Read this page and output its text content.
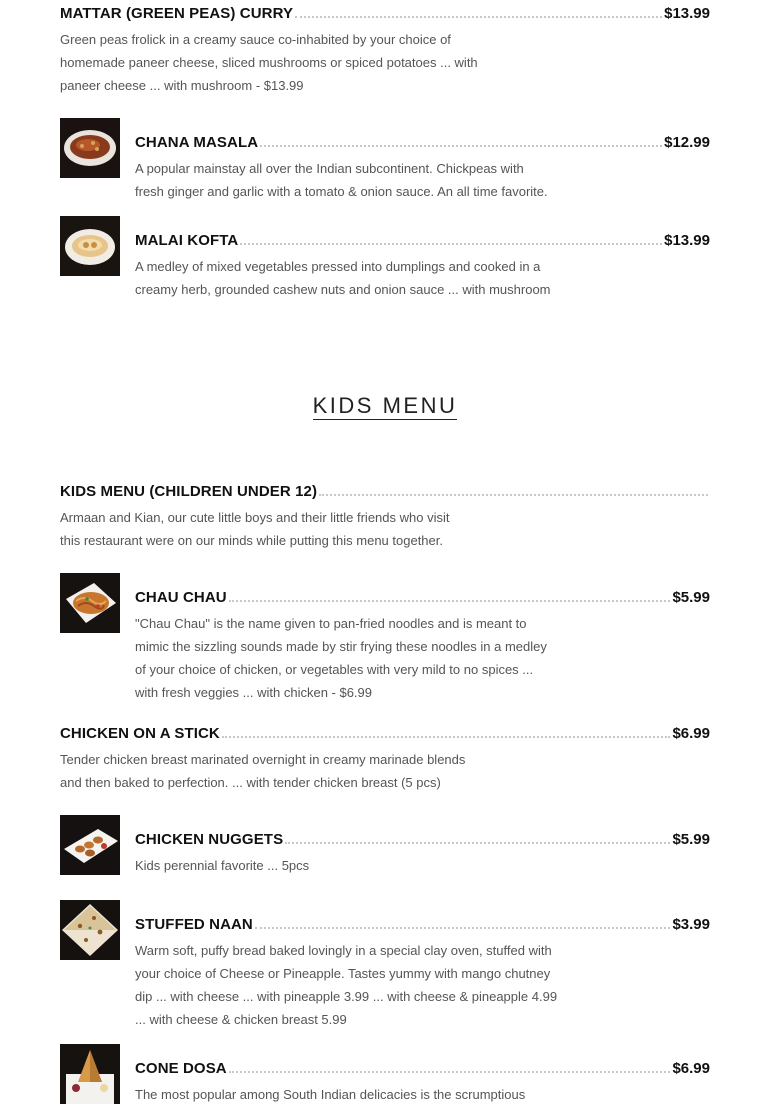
MATTAR (GREEN PEAS) CURRY	$13.99
Green peas frolick in a creamy sauce co-inhabited by your choice of
homemade paneer cheese, sliced mushrooms or spiced potatoes ... with
paneer cheese ... with mushroom - $13.99
CHANA MASALA	$12.99
A popular mainstay all over the Indian subcontinent. Chickpeas with
fresh ginger and garlic with a tomato & onion sauce. An all time favorite.
MALAI KOFTA	$13.99
A medley of mixed vegetables pressed into dumplings and cooked in a
creamy herb, grounded cashew nuts and onion sauce ... with mushroom
KIDS MENU
KIDS MENU (CHILDREN UNDER 12)
Armaan and Kian, our cute little boys and their little friends who visit
this restaurant were on our minds while putting this menu together.
CHAU CHAU	$5.99
"Chau Chau" is the name given to pan-fried noodles and is meant to
mimic the sizzling sounds made by stir frying these noodles in a medley
of your choice of chicken, or vegetables with very mild to no spices ...
with fresh veggies ... with chicken - $6.99
CHICKEN ON A STICK	$6.99
Tender chicken breast marinated overnight in creamy marinade blends
and then baked to perfection. ... with tender chicken breast (5 pcs)
CHICKEN NUGGETS	$5.99
Kids perennial favorite ... 5pcs
STUFFED NAAN	$3.99
Warm soft, puffy bread baked lovingly in a special clay oven, stuffed with
your choice of Cheese or Pineapple. Tastes yummy with mango chutney
dip ... with cheese ... with pineapple 3.99 ... with cheese & pineapple 4.99
... with cheese & chicken breast 5.99
CONE DOSA	$6.99
The most popular among South Indian delicacies is the scrumptious
